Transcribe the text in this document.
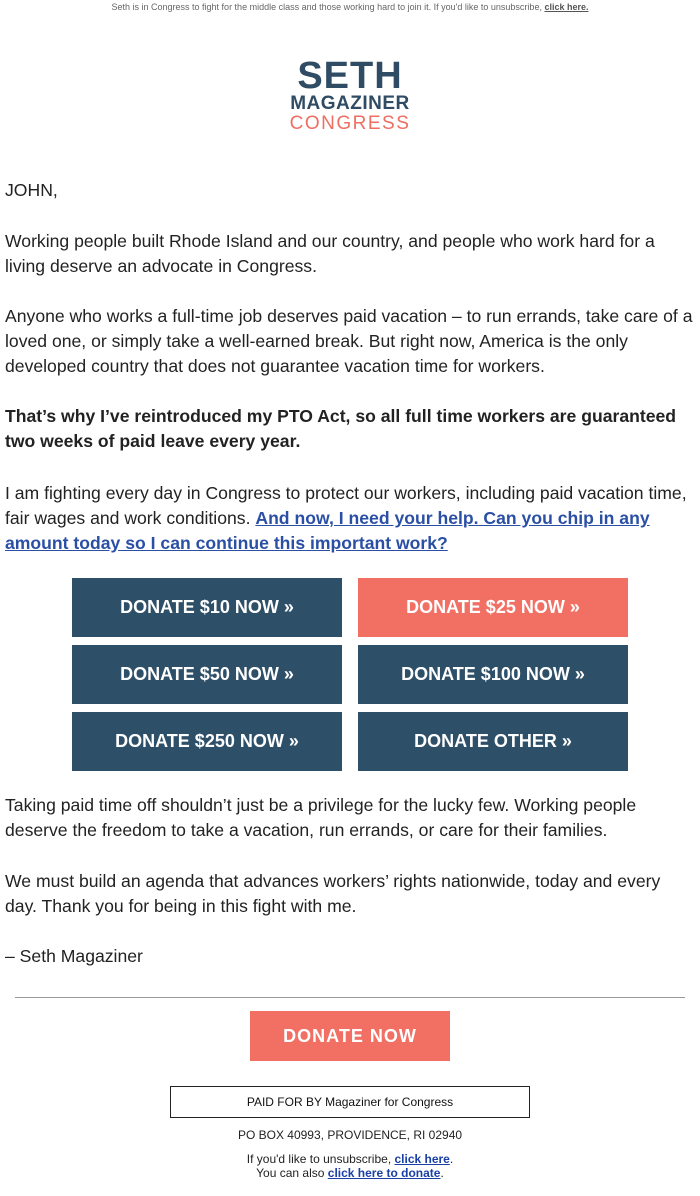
Seth is in Congress to fight for the middle class and those working hard to join it. If you'd like to unsubscribe, click here.
SETH
MAGAZINER
CONGRESS
JOHN,
Working people built Rhode Island and our country, and people who work hard for a living deserve an advocate in Congress.
Anyone who works a full-time job deserves paid vacation – to run errands, take care of a loved one, or simply take a well-earned break. But right now, America is the only developed country that does not guarantee vacation time for workers.
That’s why I’ve reintroduced my PTO Act, so all full time workers are guaranteed two weeks of paid leave every year.
I am fighting every day in Congress to protect our workers, including paid vacation time, fair wages and work conditions. And now, I need your help. Can you chip in any amount today so I can continue this important work?
DONATE $10 NOW »	DONATE $25 NOW »
DONATE $50 NOW »	DONATE $100 NOW »
DONATE $250 NOW »	DONATE OTHER »
Taking paid time off shouldn’t just be a privilege for the lucky few. Working people deserve the freedom to take a vacation, run errands, or care for their families.
We must build an agenda that advances workers’ rights nationwide, today and every day. Thank you for being in this fight with me.
– Seth Magaziner
DONATE NOW
PAID FOR BY Magaziner for Congress
PO BOX 40993, PROVIDENCE, RI 02940
If you'd like to unsubscribe, click here.
You can also click here to donate.
